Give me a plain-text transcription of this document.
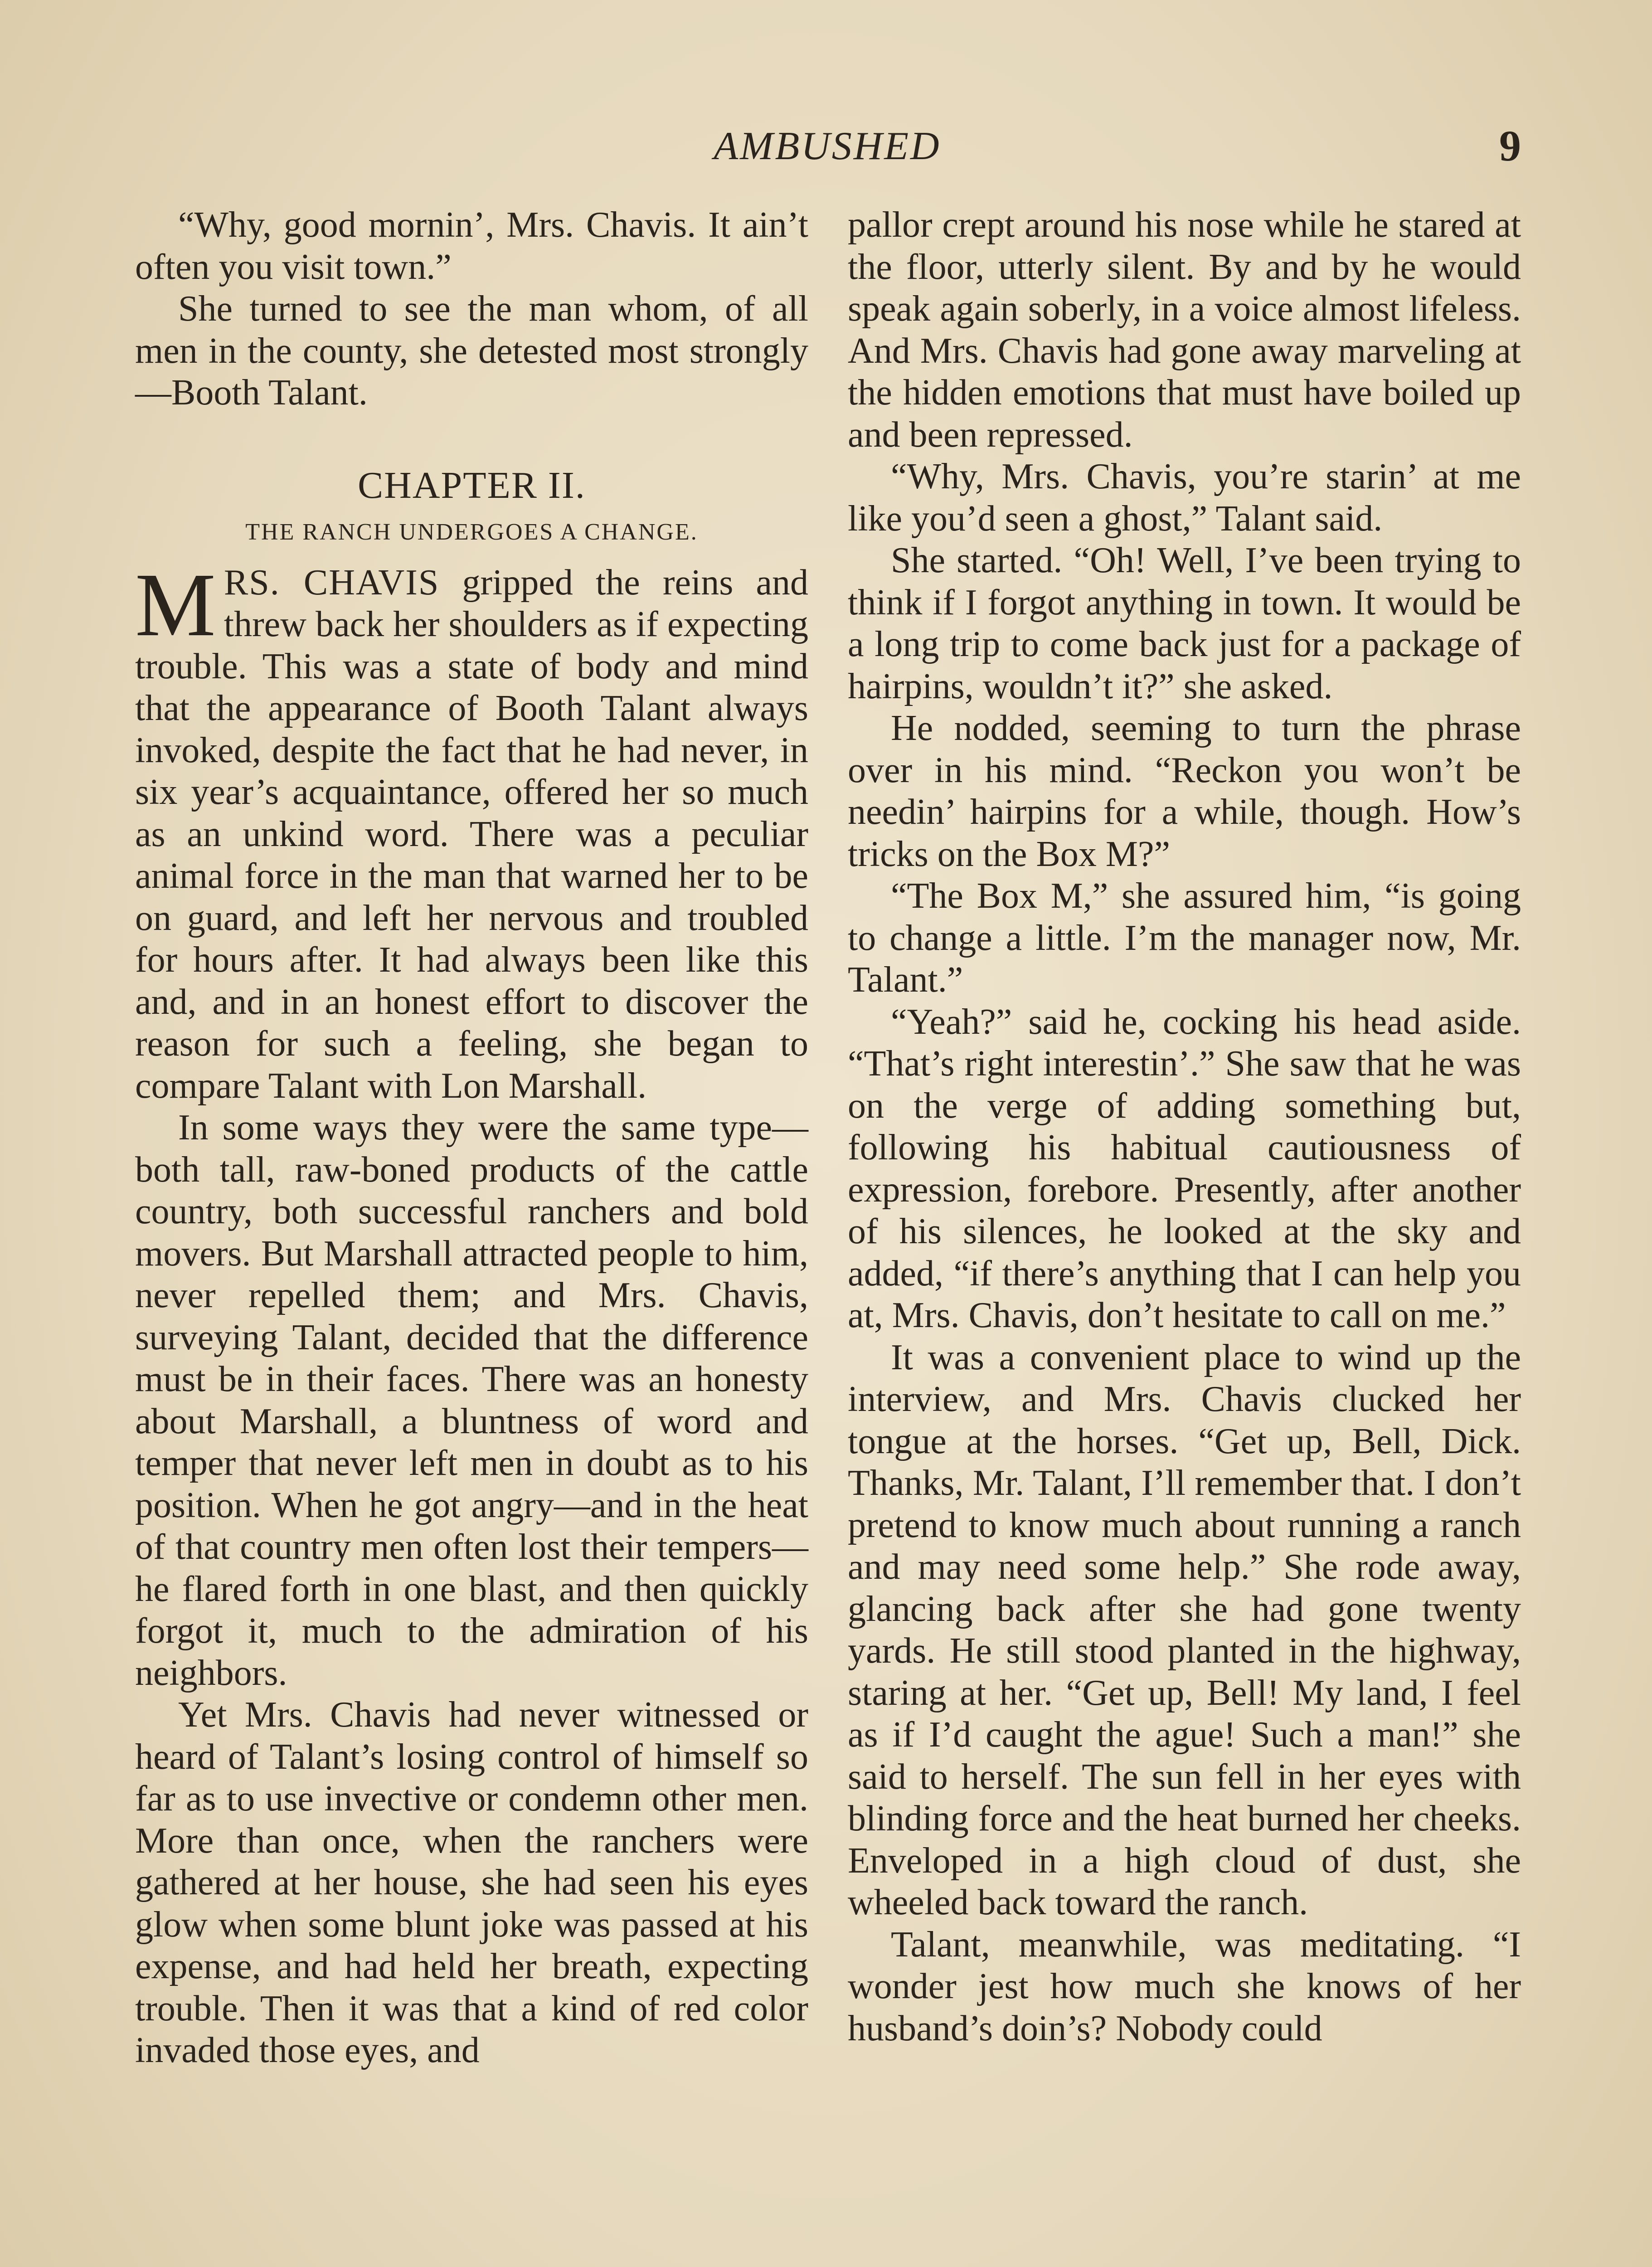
AMBUSHED	9

“Why, good mornin’, Mrs. Chavis. It ain’t often you visit town.”

She turned to see the man whom, of all men in the county, she detested most strongly—Booth Talant.

CHAPTER II.
THE RANCH UNDERGOES A CHANGE.

MRS. CHAVIS gripped the reins and threw back her shoulders as if expecting trouble. This was a state of body and mind that the appearance of Booth Talant always invoked, despite the fact that he had never, in six year’s acquaintance, offered her so much as an unkind word. There was a peculiar animal force in the man that warned her to be on guard, and left her nervous and troubled for hours after. It had always been like this and, and in an honest effort to discover the reason for such a feeling, she began to compare Talant with Lon Marshall.

In some ways they were the same type—both tall, raw-boned products of the cattle country, both successful ranchers and bold movers. But Marshall attracted people to him, never repelled them; and Mrs. Chavis, surveying Talant, decided that the difference must be in their faces. There was an honesty about Marshall, a bluntness of word and temper that never left men in doubt as to his position. When he got angry—and in the heat of that country men often lost their tempers—he flared forth in one blast, and then quickly forgot it, much to the admiration of his neighbors.

Yet Mrs. Chavis had never witnessed or heard of Talant’s losing control of himself so far as to use invective or condemn other men. More than once, when the ranchers were gathered at her house, she had seen his eyes glow when some blunt joke was passed at his expense, and had held her breath, expecting trouble. Then it was that a kind of red color invaded those eyes, and

pallor crept around his nose while he stared at the floor, utterly silent. By and by he would speak again soberly, in a voice almost lifeless. And Mrs. Chavis had gone away marveling at the hidden emotions that must have boiled up and been repressed.

“Why, Mrs. Chavis, you’re starin’ at me like you’d seen a ghost,” Talant said.

She started. “Oh! Well, I’ve been trying to think if I forgot anything in town. It would be a long trip to come back just for a package of hairpins, wouldn’t it?” she asked.

He nodded, seeming to turn the phrase over in his mind. “Reckon you won’t be needin’ hairpins for a while, though. How’s tricks on the Box M?”

“The Box M,” she assured him, “is going to change a little. I’m the manager now, Mr. Talant.”

“Yeah?” said he, cocking his head aside. “That’s right interestin’.” She saw that he was on the verge of adding something but, following his habitual cautiousness of expression, forebore. Presently, after another of his silences, he looked at the sky and added, “if there’s anything that I can help you at, Mrs. Chavis, don’t hesitate to call on me.”

It was a convenient place to wind up the interview, and Mrs. Chavis clucked her tongue at the horses. “Get up, Bell, Dick. Thanks, Mr. Talant, I’ll remember that. I don’t pretend to know much about running a ranch and may need some help.” She rode away, glancing back after she had gone twenty yards. He still stood planted in the highway, staring at her. “Get up, Bell! My land, I feel as if I’d caught the ague! Such a man!” she said to herself. The sun fell in her eyes with blinding force and the heat burned her cheeks. Enveloped in a high cloud of dust, she wheeled back toward the ranch.

Talant, meanwhile, was meditating. “I wonder jest how much she knows of her husband’s doin’s? Nobody could
